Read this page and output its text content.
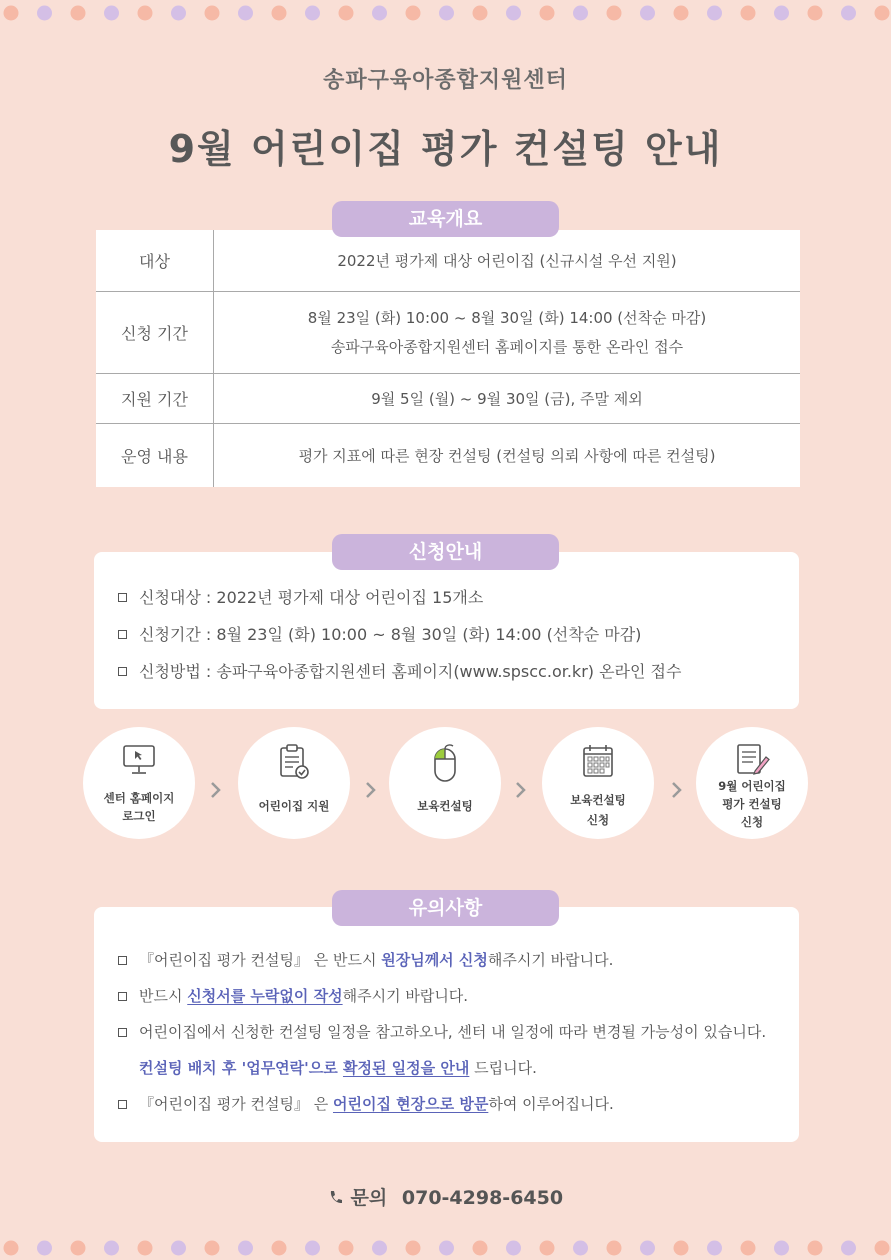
송파구육아종합지원센터
9월 어린이집 평가 컨설팅 안내
교육개요
대상	2022년 평가제 대상 어린이집 (신규시설 우선 지원)
신청 기간	8월 23일 (화) 10:00 ~ 8월 30일 (화) 14:00 (선착순 마감)
송파구육아종합지원센터 홈페이지를 통한 온라인 접수

지원 기간	9월 5일 (월) ~ 9월 30일 (금), 주말 제외
운영 내용	평가 지표에 따른 현장 컨설팅 (컨설팅 의뢰 사항에 따른 컨설팅)
신청안내
신청대상 : 2022년 평가제 대상 어린이집 15개소
신청기간 : 8월 23일 (화) 10:00 ~ 8월 30일 (화) 14:00 (선착순 마감)
신청방법 : 송파구육아종합지원센터 홈페이지(www.spscc.or.kr) 온라인 접수
센터 홈페이지
로그인
어린이집 지원	보육컨설팅	보육컨설팅
신청
9월 어린이집
평가 컨설팅
신청
유의사항
『어린이집 평가 컨설팅』 은 반드시 원장님께서 신청해주시기 바랍니다.
반드시 신청서를 누락없이 작성해주시기 바랍니다.
어린이집에서 신청한 컨설팅 일정을 참고하오나, 센터 내 일정에 따라 변경될 가능성이 있습니다. 컨설팅 배치 후 '업무연락'으로 확정된 일정을 안내 드립니다.
『어린이집 평가 컨설팅』 은 어린이집 현장으로 방문하여 이루어집니다.
문의 070-4298-6450
